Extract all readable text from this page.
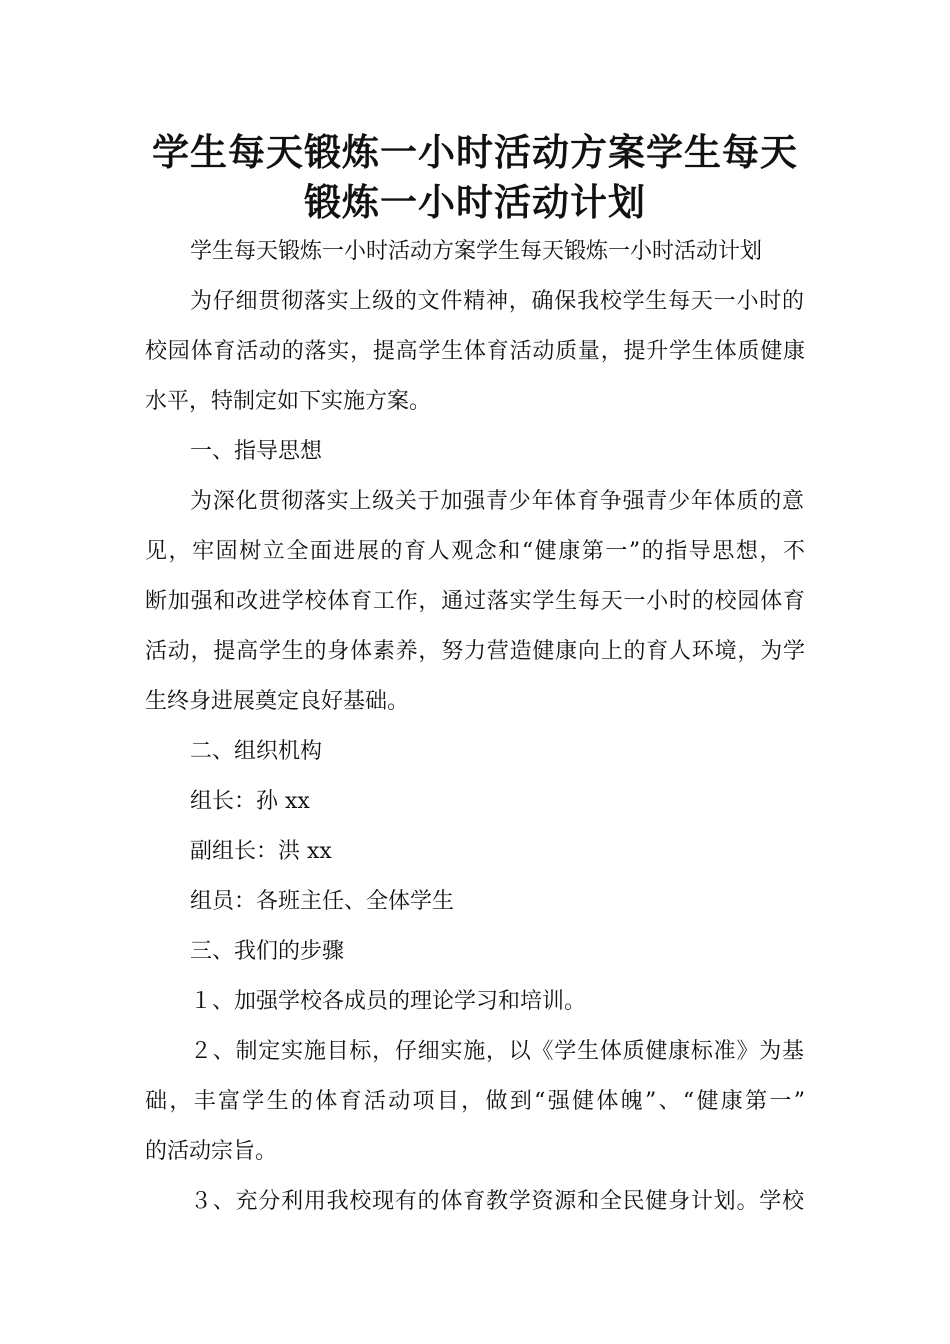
学生每天锻炼一小时活动方案学生每天
锻炼一小时活动计划

学生每天锻炼一小时活动方案学生每天锻炼一小时活动计划

为仔细贯彻落实上级的文件精神，确保我校学生每天一小时的

校园体育活动的落实，提高学生体育活动质量，提升学生体质健康

水平，特制定如下实施方案。

一、指导思想

为深化贯彻落实上级关于加强青少年体育争强青少年体质的意

见，牢固树立全面进展的育人观念和“健康第一”的指导思想，不

断加强和改进学校体育工作，通过落实学生每天一小时的校园体育

活动，提高学生的身体素养，努力营造健康向上的育人环境，为学

生终身进展奠定良好基础。

二、组织机构

组长：孙 xx

副组长：洪 xx

组员：各班主任、全体学生

三、我们的步骤

１、加强学校各成员的理论学习和培训。

２、制定实施目标，仔细实施，以《学生体质健康标准》为基

础，丰富学生的体育活动项目，做到“强健体魄”、“健康第一”

的活动宗旨。

３、充分利用我校现有的体育教学资源和全民健身计划。学校
